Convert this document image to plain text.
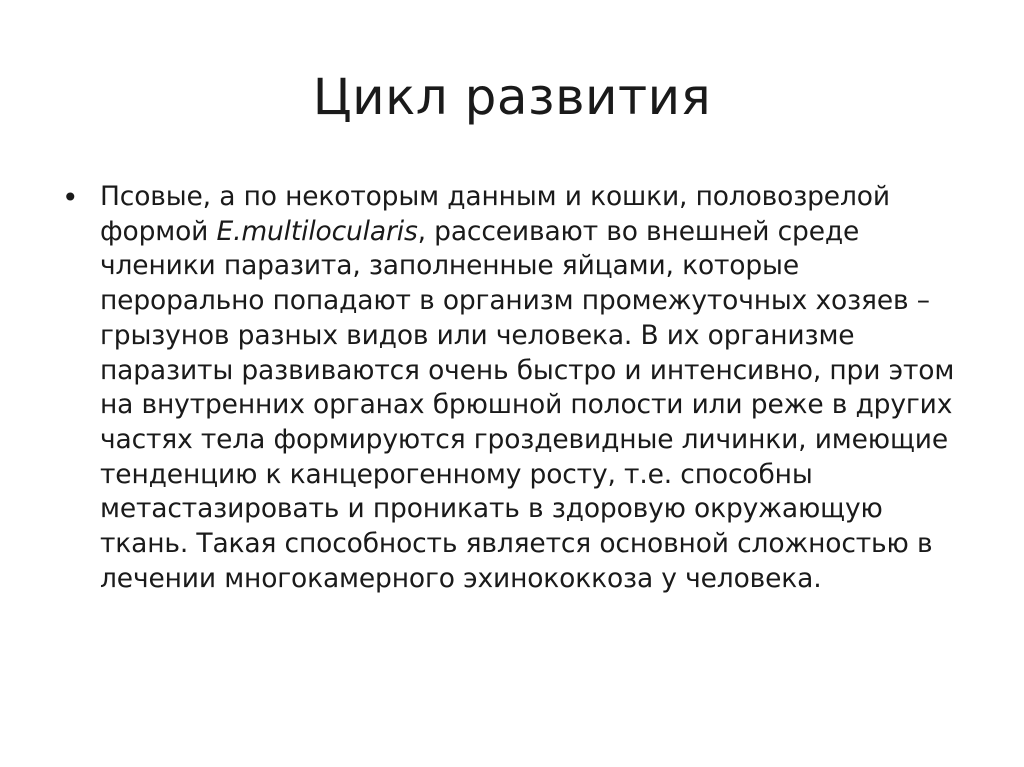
Цикл развития
• Псовые, а по некоторым данным и кошки, половозрелой формой E.multilocularis, рассеивают во внешней среде членики паразита, заполненные яйцами, которые перорально попадают в организм промежуточных хозяев – грызунов разных видов или человека. В их организме паразиты развиваются очень быстро и интенсивно, при этом на внутренних органах брюшной полости или реже в других частях тела формируются гроздевидные личинки, имеющие тенденцию к канцерогенному росту, т.е. способны метастазировать и проникать в здоровую окружающую ткань. Такая способность является основной сложностью в лечении многокамерного эхинококкоза у человека.
